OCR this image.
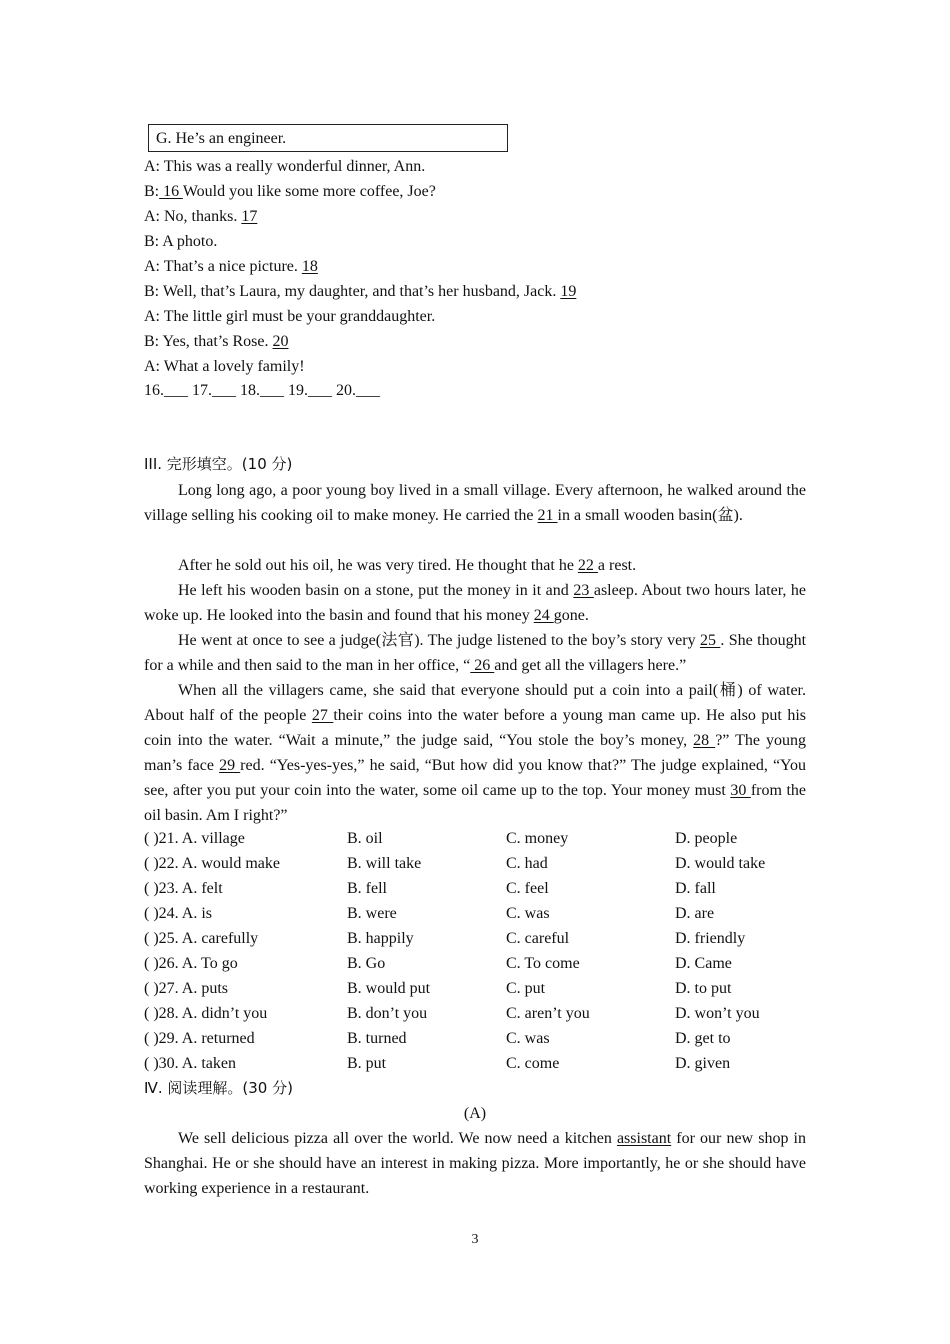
G. He’s an engineer.
A: This was a really wonderful dinner, Ann.
B: 16 Would you like some more coffee, Joe?
A: No, thanks. 17
B: A photo.
A: That’s a nice picture. 18
B: Well, that’s Laura, my daughter, and that’s her husband, Jack. 19
A: The little girl must be your granddaughter.
B: Yes, that’s Rose. 20
A: What a lovely family!
16.___ 17.___ 18.___ 19.___ 20.___
III. 完形填空。(10 分)
Long long ago, a poor young boy lived in a small village. Every afternoon, he walked around the village selling his cooking oil to make money. He carried the 21 in a small wooden basin(盆).
After he sold out his oil, he was very tired. He thought that he 22 a rest.
He left his wooden basin on a stone, put the money in it and 23 asleep. About two hours later, he woke up. He looked into the basin and found that his money 24 gone.
He went at once to see a judge(法官). The judge listened to the boy’s story very 25 . She thought for a while and then said to the man in her office, “ 26 and get all the villagers here.”
When all the villagers came, she said that everyone should put a coin into a pail(桶) of water. About half of the people 27 their coins into the water before a young man came up. He also put his coin into the water. “Wait a minute,” the judge said, “You stole the boy’s money, 28 ?” The young man’s face 29 red. “Yes-yes-yes,” he said, “But how did you know that?” The judge explained, “You see, after you put your coin into the water, some oil came up to the top. Your money must 30 from the oil basin. Am I right?”
( )21. A. village	B. oil	C. money	D. people
( )22. A. would make	B. will take	C. had	D. would take
( )23. A. felt	B. fell	C. feel	D. fall
( )24. A. is	B. were	C. was	D. are
( )25. A. carefully	B. happily	C. careful	D. friendly
( )26. A. To go	B. Go	C. To come	D. Came
( )27. A. puts	B. would put	C. put	D. to put
( )28. A. didn’t you	B. don’t you	C. aren’t you	D. won’t you
( )29. A. returned	B. turned	C. was	D. get to
( )30. A. taken	B. put	C. come	D. given
Ⅳ. 阅读理解。(30 分)
(A)
We sell delicious pizza all over the world. We now need a kitchen assistant for our new shop in Shanghai. He or she should have an interest in making pizza. More importantly, he or she should have working experience in a restaurant.
3
